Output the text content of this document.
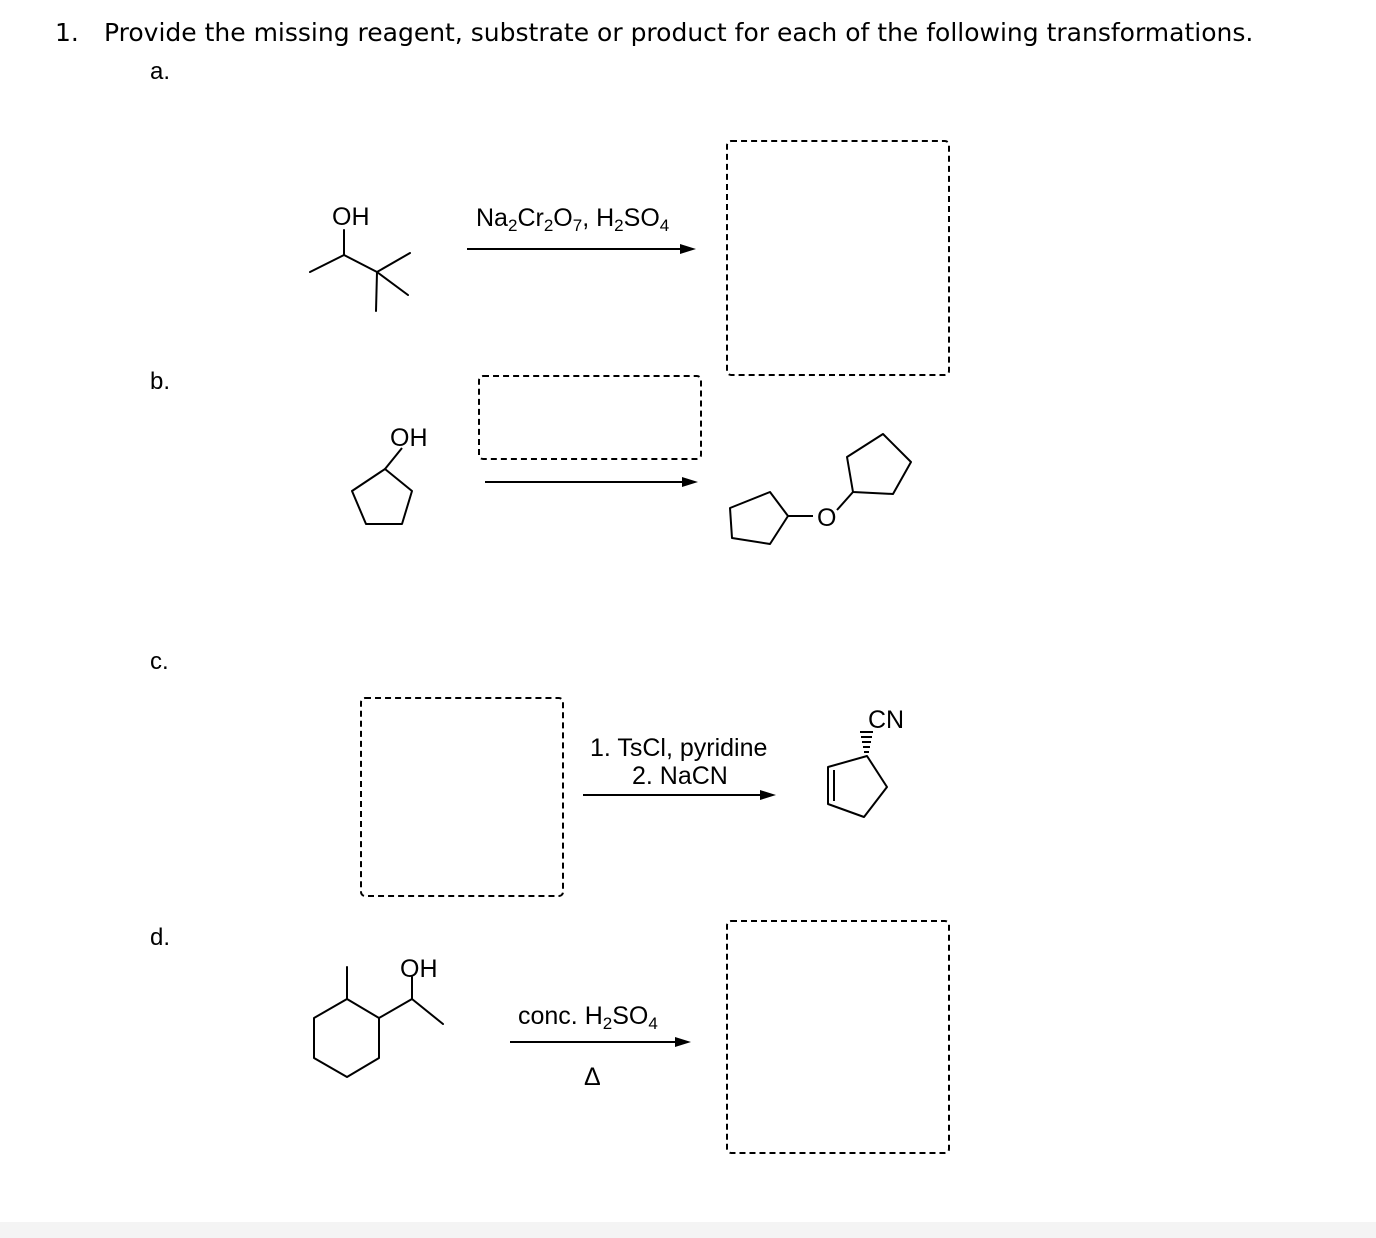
1. Provide the missing reagent, substrate or product for each of the following transformations.
a.
b.
c.
d.
OH	$Na_2Cr_2O_7$, $H_2SO_4$
OH
O
1. TsCl, pyridine
2. NaCN
CN
OH
conc. $H_2SO_4$
Δ
